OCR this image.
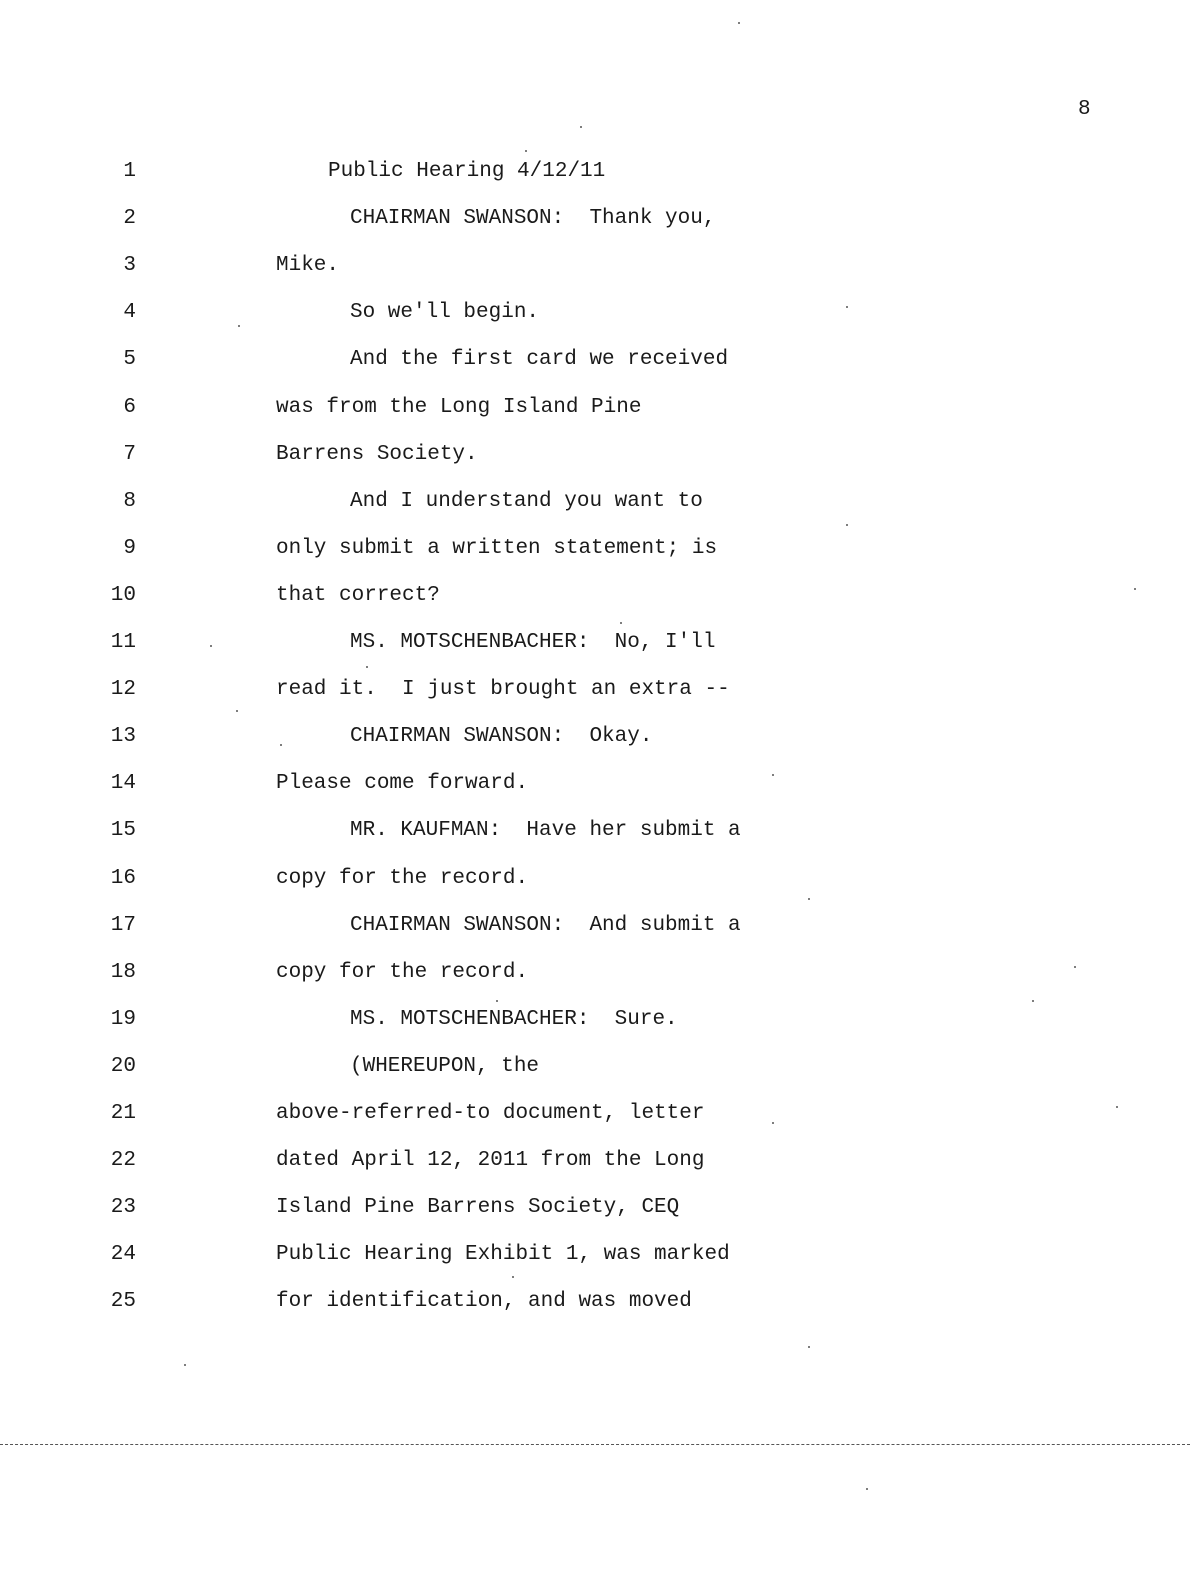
8
1	Public Hearing 4/12/11
2	CHAIRMAN SWANSON:  Thank you,
3	Mike.
4	So we'll begin.
5	And the first card we received
6	was from the Long Island Pine
7	Barrens Society.
8	And I understand you want to
9	only submit a written statement; is
10	that correct?
11	MS. MOTSCHENBACHER:  No, I'll
12	read it.  I just brought an extra --
13	CHAIRMAN SWANSON:  Okay.
14	Please come forward.
15	MR. KAUFMAN:  Have her submit a
16	copy for the record.
17	CHAIRMAN SWANSON:  And submit a
18	copy for the record.
19	MS. MOTSCHENBACHER:  Sure.
20	(WHEREUPON, the
21	above-referred-to document, letter
22	dated April 12, 2011 from the Long
23	Island Pine Barrens Society, CEQ
24	Public Hearing Exhibit 1, was marked
25	for identification, and was moved
